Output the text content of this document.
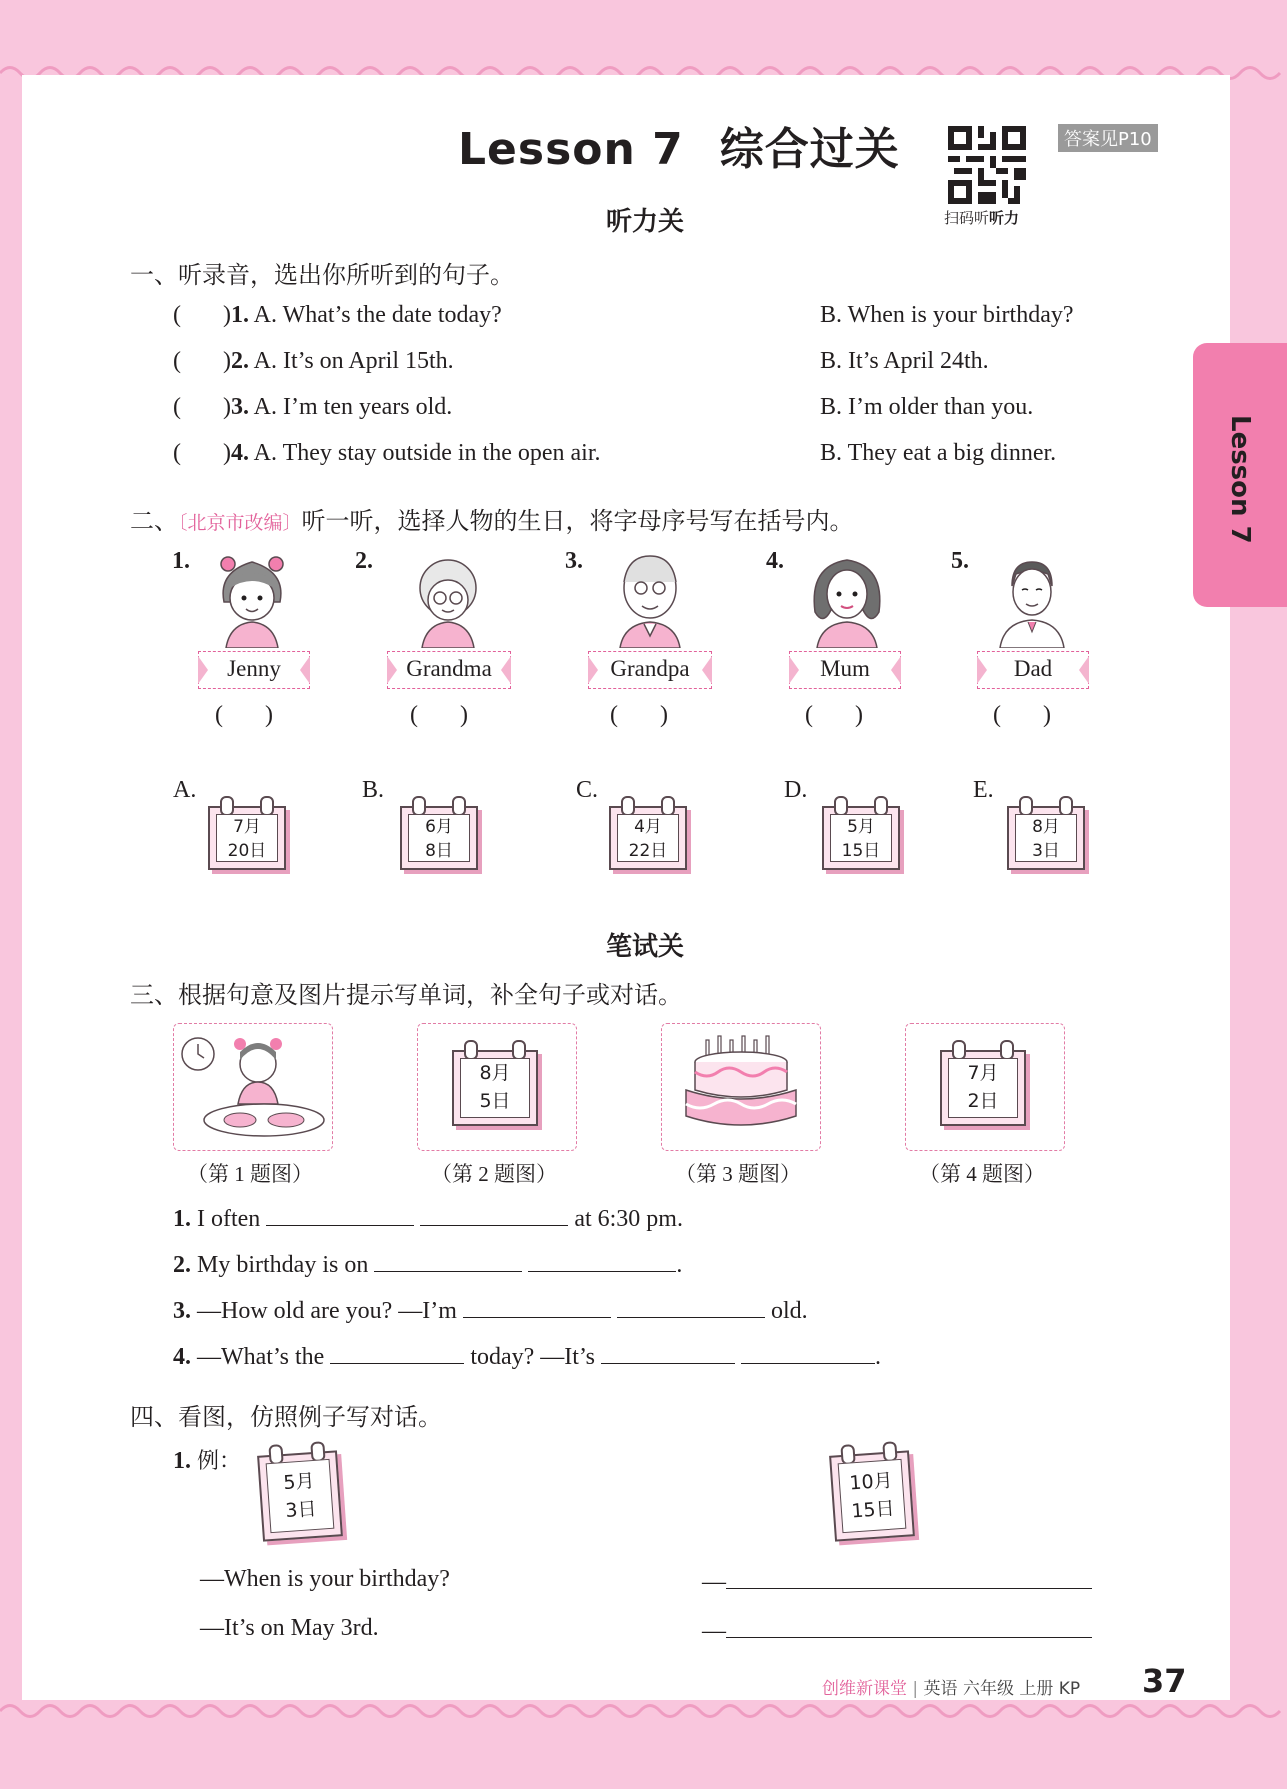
Lesson 7
Lesson 7 综合过关
扫码听听力
答案见P10
听力关
一、听录音，选出你所听到的句子。
(       )1. A. What’s the date today?	B. When is your birthday?
(       )2. A. It’s on April 15th.	B. It’s April 24th.
(       )3. A. I’m ten years old.	B. I’m older than you.
(       )4. A. They stay outside in the open air.	B. They eat a big dinner.
二、〔北京市改编〕听一听，选择人物的生日，将字母序号写在括号内。
1.
Jenny
(       )
2.
Grandma
(       )
3.
Grandpa
(       )
4.
Mum
(       )
5.
Dad
(       )
A.
7月
20日
B.
6月
8日
C.
4月
22日
D.
5月
15日
E.
8月
3日
笔试关
三、根据句意及图片提示写单词，补全句子或对话。
（第 1 题图）
8月
5日
（第 2 题图）	（第 3 题图）
7月
2日
（第 4 题图）
1. I often	at 6:30 pm.
2. My birthday is on	.
3. —How old are you? —I’m	old.
4. —What’s the	today? —It’s	.
四、看图，仿照例子写对话。
1. 例：
5月
3日
10月
15日
—When is your birthday?
—It’s on May 3rd.
—
—
创维新课堂 | 英语 六年级 上册 KP 37
